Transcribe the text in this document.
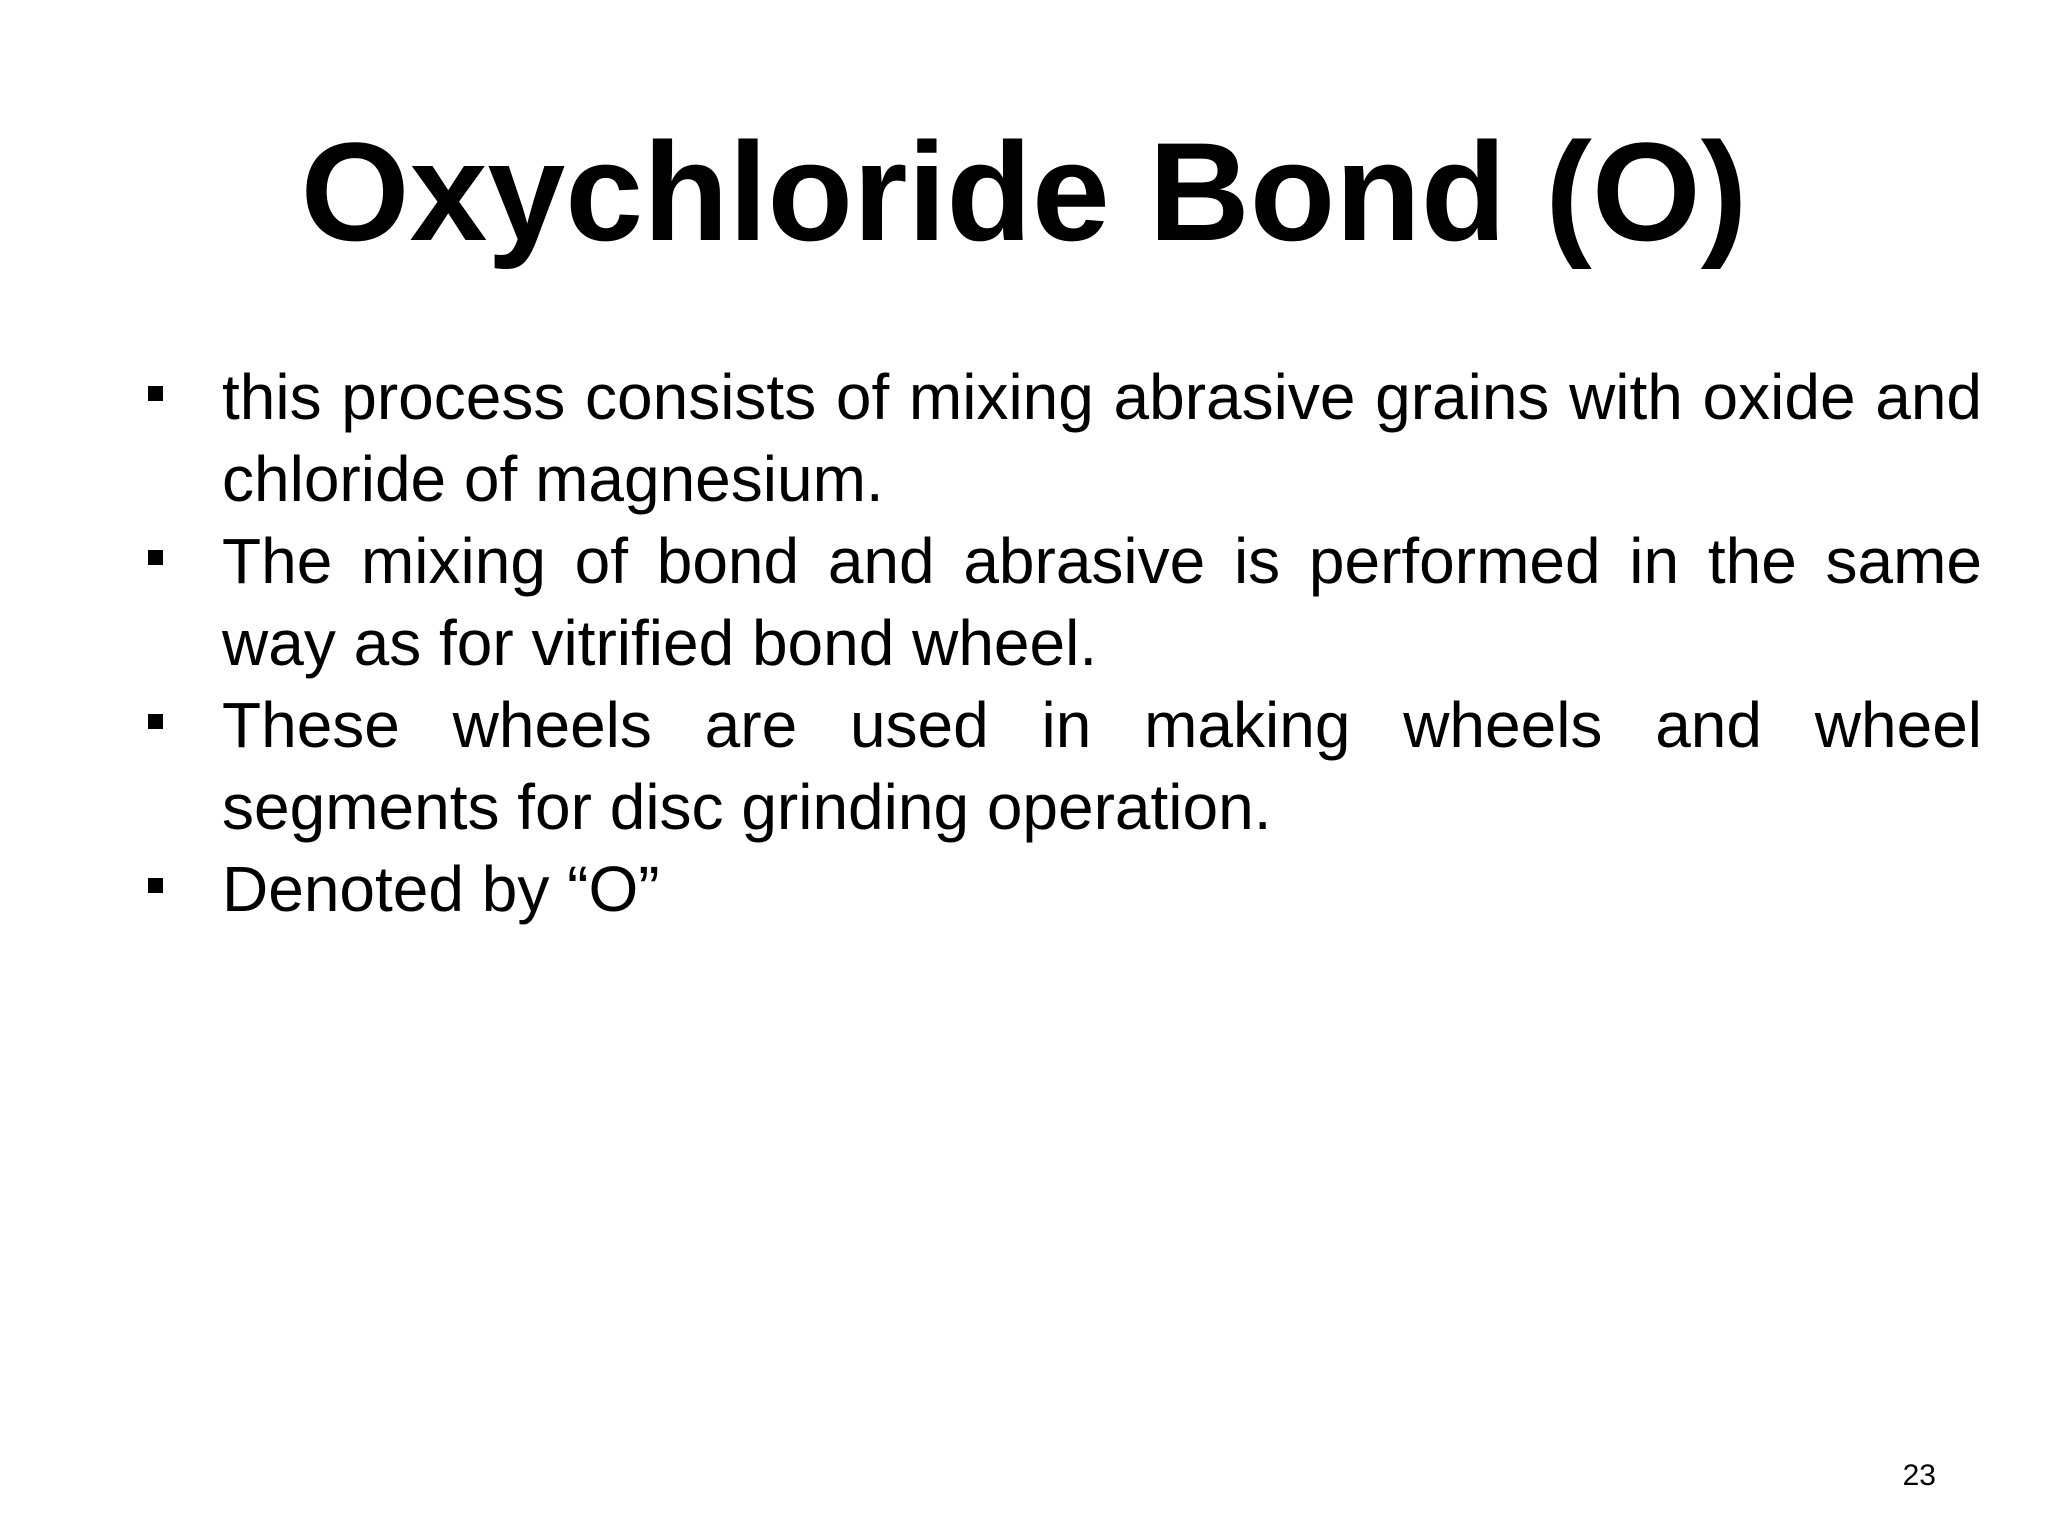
Oxychloride Bond (O)
this process consists of mixing abrasive grains with oxide and chloride of magnesium.
The mixing of bond and abrasive is performed in the same way as for vitrified bond wheel.
These wheels are used in making wheels and wheel segments for disc grinding operation.
Denoted by “O”
23
